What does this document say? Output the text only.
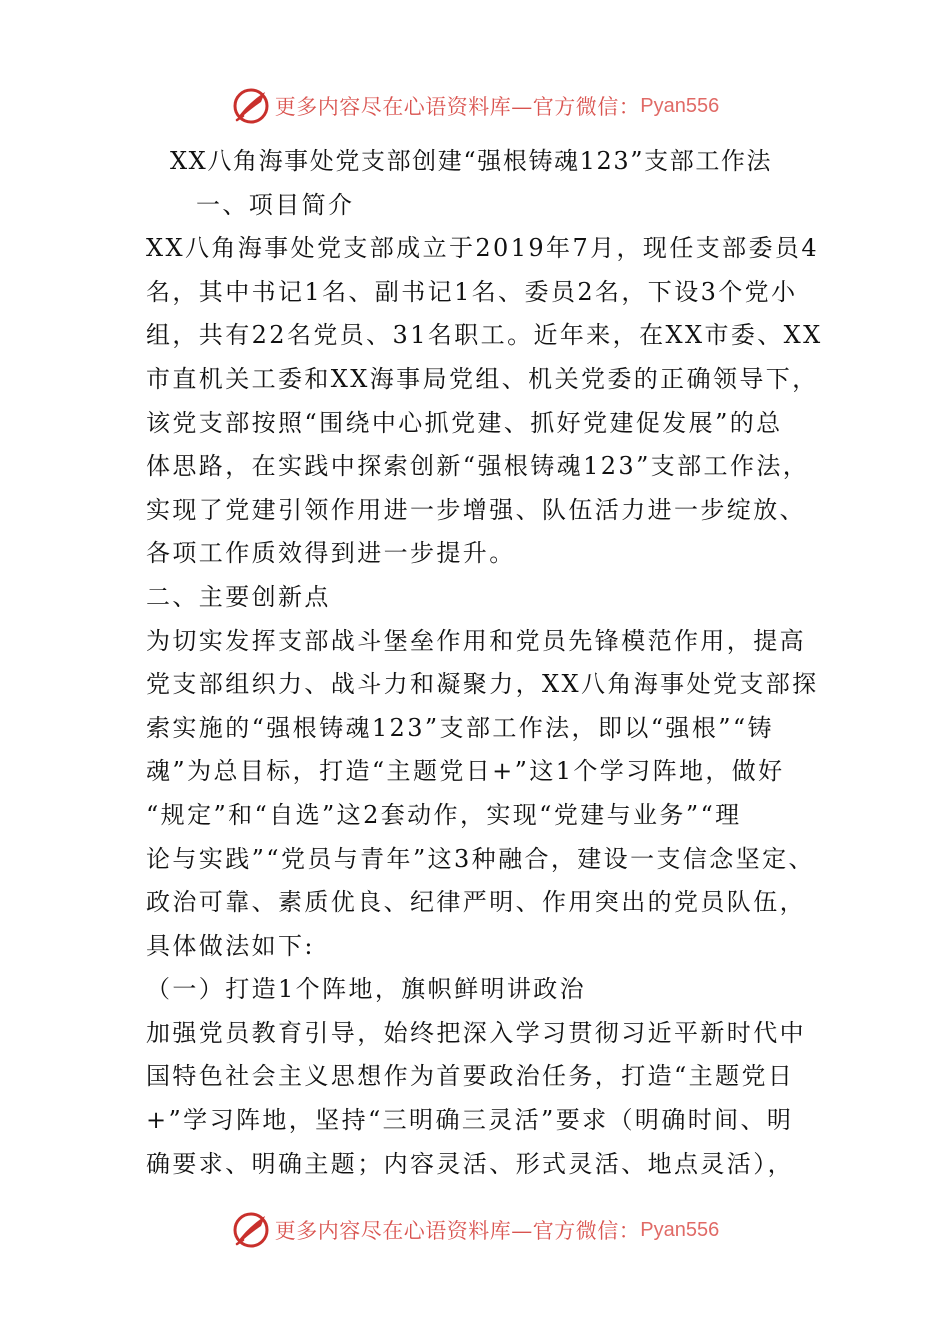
更多内容尽在心语资料库—官方微信： Pyan556
XX八角海事处党支部创建“强根铸魂123”支部工作法
一、项目简介
XX八角海事处党支部成立于2019年7月，现任支部委员4
名，其中书记1名、副书记1名、委员2名，下设3个党小
组，共有22名党员、31名职工。近年来，在XX市委、XX
市直机关工委和XX海事局党组、机关党委的正确领导下，
该党支部按照“围绕中心抓党建、抓好党建促发展”的总
体思路，在实践中探索创新“强根铸魂123”支部工作法，
实现了党建引领作用进一步增强、队伍活力进一步绽放、
各项工作质效得到进一步提升。
二、主要创新点
为切实发挥支部战斗堡垒作用和党员先锋模范作用，提高
党支部组织力、战斗力和凝聚力，XX八角海事处党支部探
索实施的“强根铸魂123”支部工作法，即以“强根”“铸
魂”为总目标，打造“主题党日+”这1个学习阵地，做好
“规定”和“自选”这2套动作，实现“党建与业务”“理
论与实践”“党员与青年”这3种融合，建设一支信念坚定、
政治可靠、素质优良、纪律严明、作用突出的党员队伍，
具体做法如下:
（一）打造1个阵地，旗帜鲜明讲政治
加强党员教育引导，始终把深入学习贯彻习近平新时代中
国特色社会主义思想作为首要政治任务，打造“主题党日
+”学习阵地，坚持“三明确三灵活”要求（明确时间、明
确要求、明确主题；内容灵活、形式灵活、地点灵活），
更多内容尽在心语资料库—官方微信： Pyan556
